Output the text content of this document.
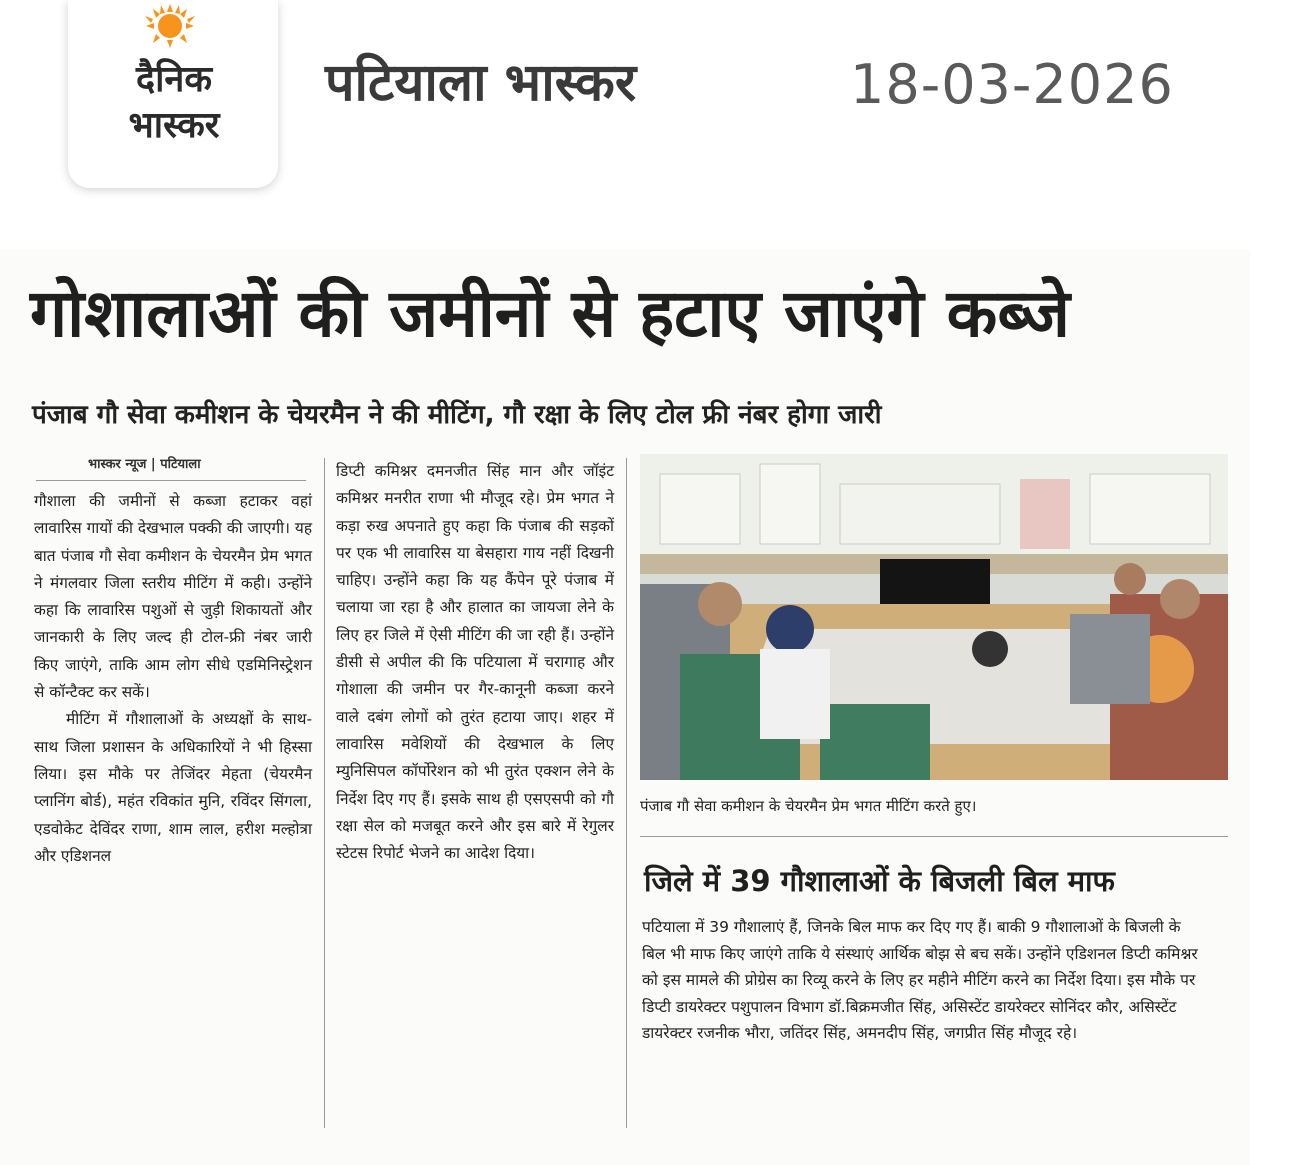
दैनिक
भास्कर
पटियाला भास्कर	18-03-2026
गोशालाओं की जमीनों से हटाए जाएंगे कब्जे
पंजाब गौ सेवा कमीशन के चेयरमैन ने की मीटिंग, गौ रक्षा के लिए टोल फ्री नंबर होगा जारी
भास्कर न्यूज | पटियाला

गौशाला की जमीनों से कब्जा हटाकर वहां लावारिस गायों की देखभाल पक्की की जाएगी। यह बात पंजाब गौ सेवा कमीशन के चेयरमैन प्रेम भगत ने मंगलवार जिला स्तरीय मीटिंग में कही। उन्होंने कहा कि लावारिस पशुओं से जुड़ी शिकायतों और जानकारी के लिए जल्द ही टोल-फ्री नंबर जारी किए जाएंगे, ताकि आम लोग सीधे एडमिनिस्ट्रेशन से कॉन्टैक्ट कर सकें।

मीटिंग में गौशालाओं के अध्यक्षों के साथ-साथ जिला प्रशासन के अधिकारियों ने भी हिस्सा लिया। इस मौके पर तेजिंदर मेहता (चेयरमैन प्लानिंग बोर्ड), महंत रविकांत मुनि, रविंदर सिंगला, एडवोकेट देविंदर राणा, शाम लाल, हरीश मल्होत्रा और एडिशनल

डिप्टी कमिश्नर दमनजीत सिंह मान और जॉइंट कमिश्नर मनरीत राणा भी मौजूद रहे। प्रेम भगत ने कड़ा रुख अपनाते हुए कहा कि पंजाब की सड़कों पर एक भी लावारिस या बेसहारा गाय नहीं दिखनी चाहिए। उन्होंने कहा कि यह कैंपेन पूरे पंजाब में चलाया जा रहा है और हालात का जायजा लेने के लिए हर जिले में ऐसी मीटिंग की जा रही हैं। उन्होंने डीसी से अपील की कि पटियाला में चरागाह और गोशाला की जमीन पर गैर-कानूनी कब्जा करने वाले दबंग लोगों को तुरंत हटाया जाए। शहर में लावारिस मवेशियों की देखभाल के लिए म्युनिसिपल कॉर्पोरेशन को भी तुरंत एक्शन लेने के निर्देश दिए गए हैं। इसके साथ ही एसएसपी को गौ रक्षा सेल को मजबूत करने और इस बारे में रेगुलर स्टेटस रिपोर्ट भेजने का आदेश दिया।

पंजाब गौ सेवा कमीशन के चेयरमैन प्रेम भगत मीटिंग करते हुए।
जिले में 39 गौशालाओं के बिजली बिल माफ
पटियाला में 39 गौशालाएं हैं, जिनके बिल माफ कर दिए गए हैं। बाकी 9 गौशालाओं के बिजली के बिल भी माफ किए जाएंगे ताकि ये संस्थाएं आर्थिक बोझ से बच सकें। उन्होंने एडिशनल डिप्टी कमिश्नर को इस मामले की प्रोग्रेस का रिव्यू करने के लिए हर महीने मीटिंग करने का निर्देश दिया। इस मौके पर डिप्टी डायरेक्टर पशुपालन विभाग डॉ.बिक्रमजीत सिंह, असिस्टेंट डायरेक्टर सोनिंदर कौर, असिस्टेंट डायरेक्टर रजनीक भौरा, जतिंदर सिंह, अमनदीप सिंह, जगप्रीत सिंह मौजूद रहे।
